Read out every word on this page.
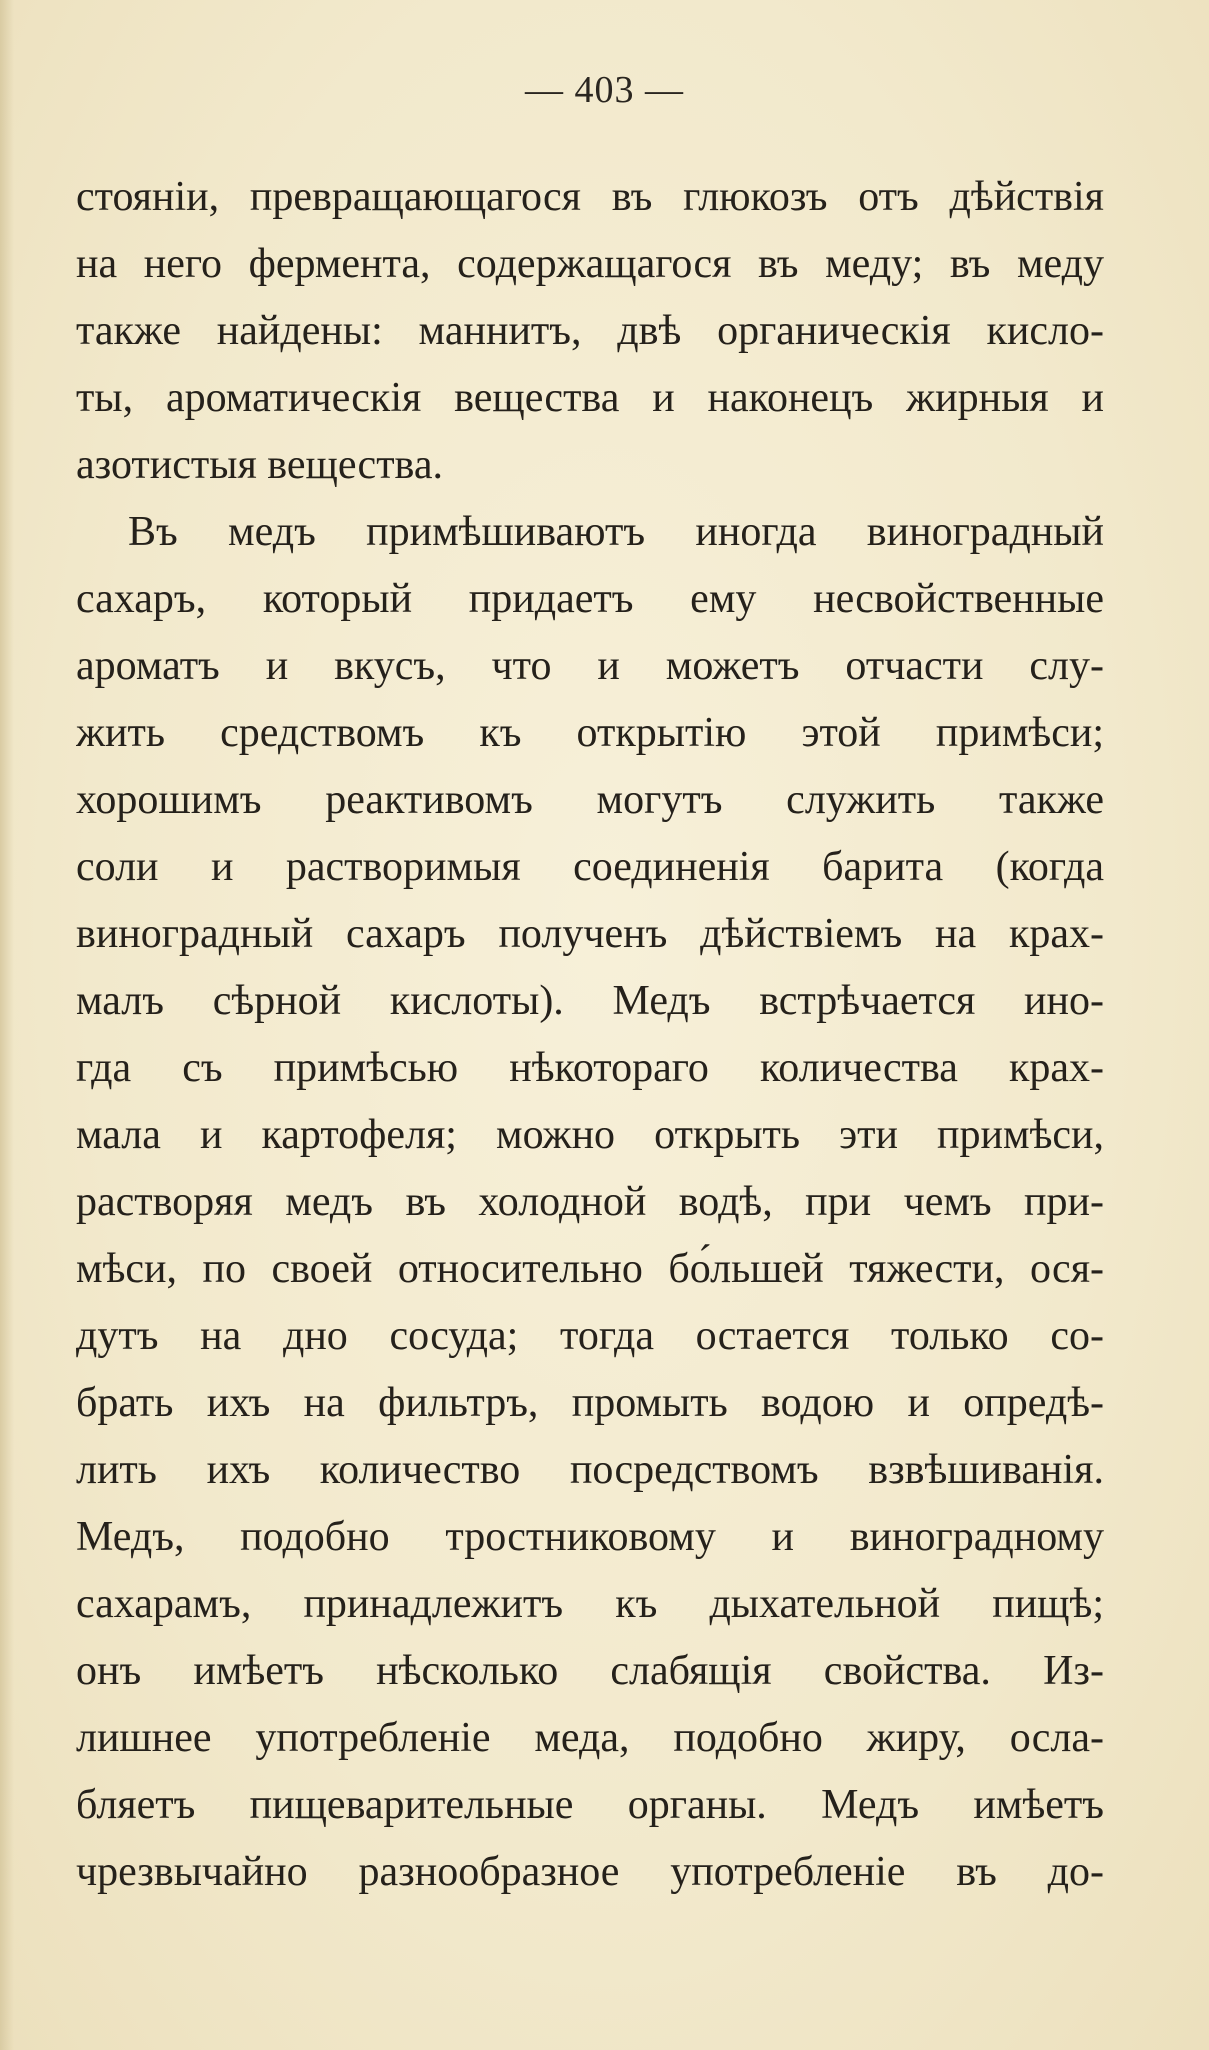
— 403 —
стоянiи, превращающагося въ глюкозъ отъ дѣйствiя
на него фермента, содержащагося въ меду; въ меду
также найдены: маннитъ, двѣ органическiя кисло-
ты, ароматическiя вещества и наконецъ жирныя и
азотистыя вещества.
Въ медъ примѣшиваютъ иногда виноградный
сахаръ, который придаетъ ему несвойственные
ароматъ и вкусъ, что и можетъ отчасти слу-
жить средствомъ къ открытiю этой примѣси;
хорошимъ реактивомъ могутъ служить также
соли и растворимыя соединенiя барита (когда
виноградный сахаръ полученъ дѣйствiемъ на крах-
малъ сѣрной кислоты). Медъ встрѣчается ино-
гда съ примѣсью нѣкотораго количества крах-
мала и картофеля; можно открыть эти примѣси,
растворяя медъ въ холодной водѣ, при чемъ при-
мѣси, по своей относительно бо́льшей тяжести, ося-
дутъ на дно сосуда; тогда остается только со-
брать ихъ на фильтръ, промыть водою и опредѣ-
лить ихъ количество посредствомъ взвѣшиванiя.
Медъ, подобно тростниковому и виноградному
сахарамъ, принадлежитъ къ дыхательной пищѣ;
онъ имѣетъ нѣсколько слабящiя свойства. Из-
лишнее употребленiе меда, подобно жиру, осла-
бляетъ пищеварительные органы. Медъ имѣетъ
чрезвычайно разнообразное употребленiе въ до-
